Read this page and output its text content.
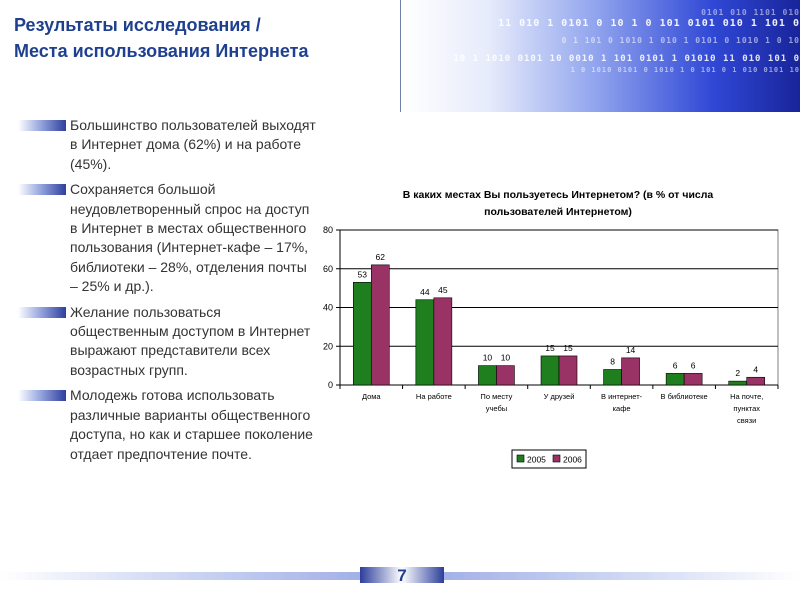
Результаты исследования /
Места использования Интернета
0101 010 1101 010
11 010 1 0101 0 10 1 0 101 0101 010 1 101 0
0 1 101 0 1010 1 010 1 0101 0 1010 1 0 10
10 1 1010 0101 10 0010 1 101 0101 1 01010 11 010 101 0
1 0 1010 0101 0 1010 1 0 101 0 1 010 0101 10

Большинство пользователей выходят в Интернет дома (62%) и на работе (45%).

Сохраняется большой неудовлетворенный спрос на доступ в Интернет в местах общественного пользования (Интернет-кафе – 17%, библиотеки – 28%, отделения почты – 25% и др.).

Желание пользоваться общественным доступом в Интернет выражают представители всех возрастных групп.

Молодежь готова использовать различные варианты общественного доступа, но как и старшее поколение отдает предпочтение почте.

В каких местах Вы пользуетесь Интернетом? (в % от числа
пользователей Интернетом)
0
20
40
60
80
Дома
53
62
На работе
44 45
По месту
учебы
10 10
У друзей
15 15
В интернет-
кафе
8
14
В библиотеке
6 6
На почте,
пунктах
связи
2 4
2005 2006
7
